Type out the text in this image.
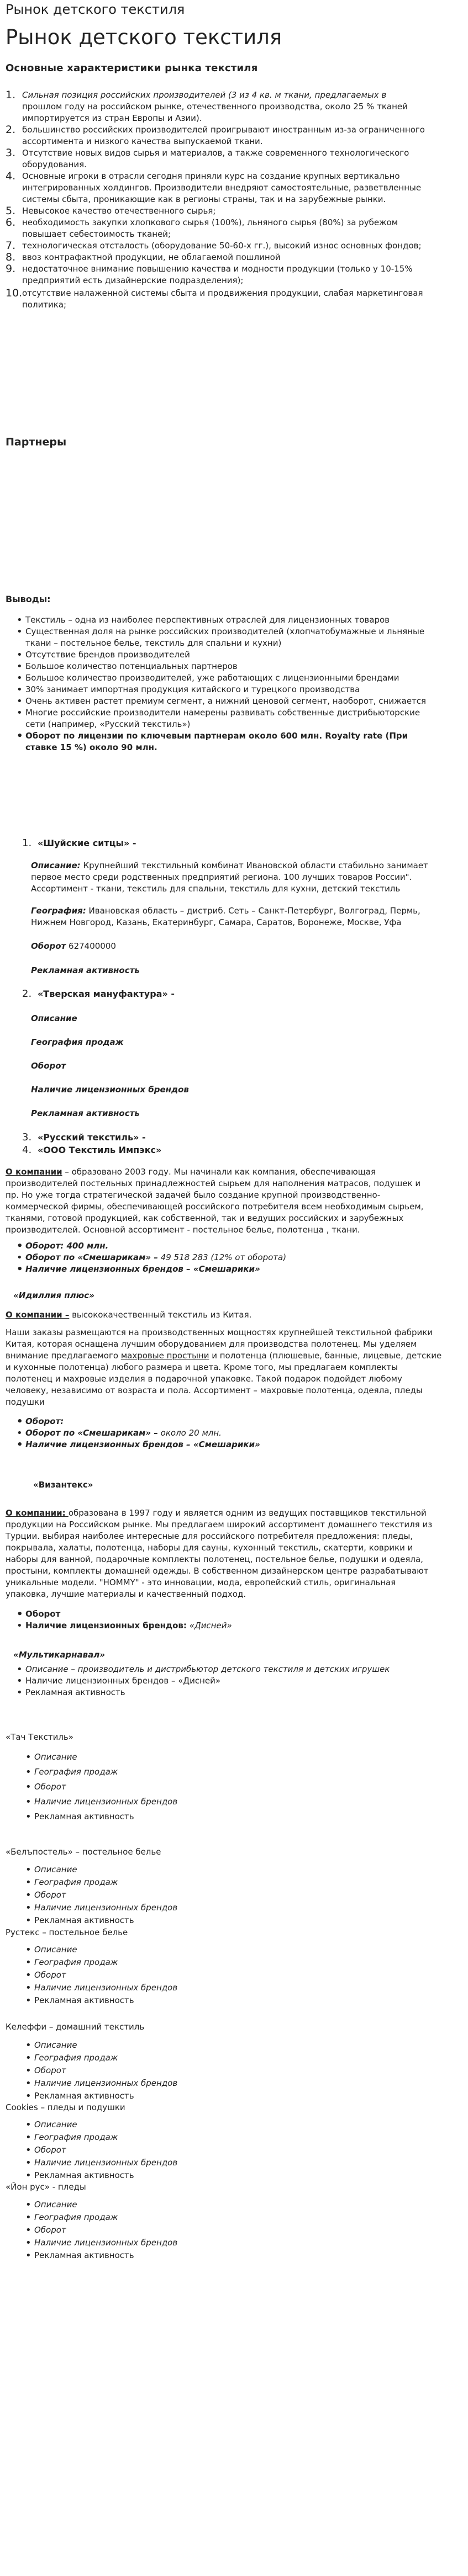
Рынок детского текстиля
Рынок детского текстиля
Основные характеристики рынка текстиля
1. Сильная позиция российских производителей (3 из 4 кв. м ткани, предлагаемых в
прошлом году на российском рынке, отечественного производства, около 25 % тканей
импортируется из стран Европы и Азии).
2. большинство российских производителей проигрывают иностранным из-за ограниченного
ассортимента и низкого качества выпускаемой ткани.
3. Отсутствие новых видов сырья и материалов, а также современного технологического
оборудования.
4. Основные игроки в отрасли сегодня приняли курс на создание крупных вертикально
интегрированных холдингов. Производители внедряют самостоятельные, разветвленные
системы сбыта, проникающие как в регионы страны, так и на зарубежные рынки.
5. Невысокое качество отечественного сырья;
6. необходимость закупки хлопкового сырья (100%), льняного сырья (80%) за рубежом
повышает себестоимость тканей;
7. технологическая отсталость (оборудование 50-60-х гг.), высокий износ основных фондов;
8. ввоз контрафактной продукции, не облагаемой пошлиной
9. недостаточное внимание повышению качества и модности продукции (только у 10-15%
предприятий есть дизайнерские подразделения);
10. отсутствие налаженной системы сбыта и продвижения продукции, слабая маркетинговая
политика;
Партнеры
Выводы:
• Текстиль – одна из наиболее перспективных отраслей для лицензионных товаров
• Существенная доля на рынке российских производителей (хлопчатобумажные и льняные
ткани – постельное белье, текстиль для спальни и кухни)
• Отсутствие брендов производителей
• Большое количество потенциальных партнеров
• Большое количество производителей, уже работающих с лицензионными брендами
• 30% занимает импортная продукция китайского и турецкого производства
• Очень активен растет премиум сегмент, а нижний ценовой сегмент, наоборот, снижается
• Многие российские производители намерены развивать собственные дистрибьюторские
сети (например, «Русский текстиль»)
• Оборот по лицензии по ключевым партнерам около 600 млн. Royalty rate (При
ставке 15 %) около 90 млн.
1. «Шуйские ситцы» -
Описание: Крупнейший текстильный комбинат Ивановской области стабильно занимает
первое место среди родственных предприятий региона. 100 лучших товаров России".
Ассортимент - ткани, текстиль для спальни, текстиль для кухни, детский текстиль
География: Ивановская область – дистриб. Сеть – Санкт-Петербург, Волгоград, Пермь,
Нижнем Новгород, Казань, Екатеринбург, Самара, Саратов, Воронеже, Москве, Уфа
Оборот 627400000
Рекламная активность
2. «Тверская мануфактура» -
Описание
География продаж
Оборот
Наличие лицензионных брендов
Рекламная активность
3. «Русский текстиль» -
4. «ООО Текстиль Импэкс»
О компании – образовано 2003 году. Мы начинали как компания, обеспечивающая
производителей постельных принадлежностей сырьем для наполнения матрасов, подушек и
пр. Но уже тогда стратегической задачей было создание крупной производственно-
коммерческой фирмы, обеспечивающей российского потребителя всем необходимым сырьем,
тканями, готовой продукцией, как собственной, так и ведущих российских и зарубежных
производителей. Основной ассортимент - постельное белье, полотенца , ткани.
• Оборот: 400 млн.
• Оборот по «Смешарикам» – 49 518 283 (12% от оборота)
• Наличие лицензионных брендов – «Смешарики»
«Идиллия плюс»
О компании – высококачественный текстиль из Китая.
Наши заказы размещаются на производственных мощностях крупнейшей текстильной фабрики
Китая, которая оснащена лучшим оборудованием для производства полотенец. Мы уделяем
внимание предлагаемого махровые простыни и полотенца (плюшевые, банные, лицевые, детские
и кухонные полотенца) любого размера и цвета. Кроме того, мы предлагаем комплекты
полотенец и махровые изделия в подарочной упаковке. Такой подарок подойдет любому
человеку, независимо от возраста и пола. Ассортимент – махровые полотенца, одеяла, пледы
подушки
• Оборот:
• Оборот по «Смешарикам» – около 20 млн.
• Наличие лицензионных брендов – «Смешарики»
«Византекс»
О компании: образована в 1997 году и является одним из ведущих поставщиков текстильной
продукции на Российском рынке. Мы предлагаем широкий ассортимент домашнего текстиля из
Турции. выбирая наиболее интересные для российского потребителя предложения: пледы,
покрывала, халаты, полотенца, наборы для сауны, кухонный текстиль, скатерти, коврики и
наборы для ванной, подарочные комплекты полотенец, постельное белье, подушки и одеяла,
простыни, комплекты домашней одежды. В собственном дизайнерском центре разрабатывают
уникальные модели. "HOMMY" - это инновации, мода, европейский стиль, оригинальная
упаковка, лучшие материалы и качественный подход.
• Оборот
• Наличие лицензионных брендов: «Дисней»
«Мультикарнавал»
• Описание – производитель и дистрибьютор детского текстиля и детских игрушек
• Наличие лицензионных брендов – «Дисней»
• Рекламная активность
«Тач Текстиль»
• Описание
• География продаж
• Оборот
• Наличие лицензионных брендов
• Рекламная активность
«Белъпостель» – постельное белье
• Описание
• География продаж
• Оборот
• Наличие лицензионных брендов
• Рекламная активность
Рустекс – постельное белье
• Описание
• География продаж
• Оборот
• Наличие лицензионных брендов
• Рекламная активность
Келеффи – домашний текстиль
• Описание
• География продаж
• Оборот
• Наличие лицензионных брендов
• Рекламная активность
Cookies – пледы и подушки
• Описание
• География продаж
• Оборот
• Наличие лицензионных брендов
• Рекламная активность
«Йон рус» - пледы
• Описание
• География продаж
• Оборот
• Наличие лицензионных брендов
• Рекламная активность
